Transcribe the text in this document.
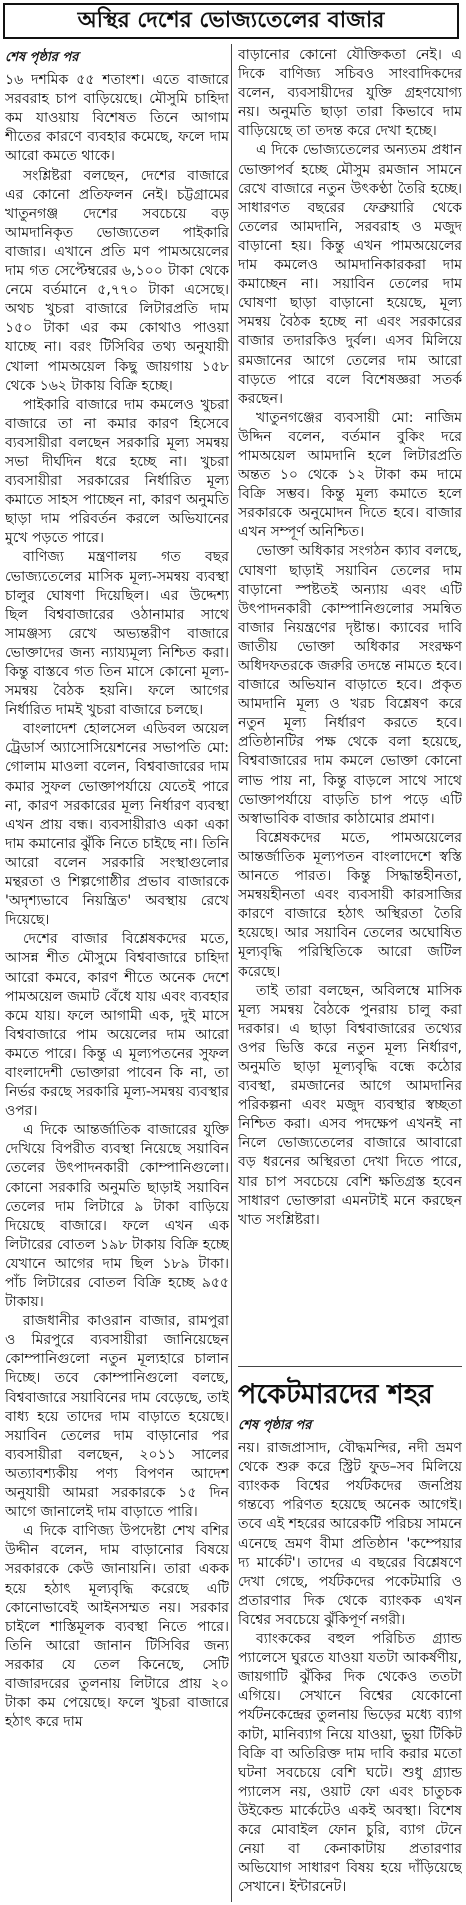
অস্থির দেশের ভোজ্যতেলের বাজার
শেষ পৃষ্ঠার পর

১৬ দশমিক ৫৫ শতাংশ। এতে বাজারে সরবরাহ চাপ বাড়িয়েছে। মৌসুমি চাহিদা কম যাওয়ায় বিশেষত তিনে আগাম শীতের কারণে ব্যবহার কমেছে, ফলে দাম আরো কমতে থাকে।

সংশ্লিষ্টরা বলছেন, দেশের বাজারে এর কোনো প্রতিফলন নেই। চট্টগ্রামের খাতুনগঞ্জ দেশের সবচেয়ে বড় আমদানিকৃত ভোজ্যতেল পাইকারি বাজার। এখানে প্রতি মণ পামঅয়েলের দাম গত সেপ্টেম্বরের ৬,১০০ টাকা থেকে নেমে বর্তমানে ৫,৭৭০ টাকা এসেছে। অথচ খুচরা বাজারে লিটারপ্রতি দাম ১৫০ টাকা এর কম কোথাও পাওয়া যাচ্ছে না। বরং টিসিবির তথ্য অনুযায়ী খোলা পামঅয়েল কিছু জায়গায় ১৫৮ থেকে ১৬২ টাকায় বিক্রি হচ্ছে।

পাইকারি বাজারে দাম কমলেও খুচরা বাজারে তা না কমার কারণ হিসেবে ব্যবসায়ীরা বলছেন সরকারি মূল্য সমন্বয় সভা দীর্ঘদিন ধরে হচ্ছে না। খুচরা ব্যবসায়ীরা সরকারের নির্ধারিত মূল্য কমাতে সাহস পাচ্ছেন না, কারণ অনুমতি ছাড়া দাম পরিবর্তন করলে অভিযানের মুখে পড়তে পারে।

বাণিজ্য মন্ত্রণালয় গত বছর ভোজ্যতেলের মাসিক মূল্য-সমন্বয় ব্যবস্থা চালুর ঘোষণা দিয়েছিল। এর উদ্দেশ্য ছিল বিশ্ববাজারের ওঠানামার সাথে সামঞ্জস্য রেখে অভ্যন্তরীণ বাজারে ভোক্তাদের জন্য ন্যায্যমূল্য নিশ্চিত করা। কিন্তু বাস্তবে গত তিন মাসে কোনো মূল্য-সমন্বয় বৈঠক হয়নি। ফলে আগের নির্ধারিত দামই খুচরা বাজারে চলছে।

বাংলাদেশ হোলসেল এডিবল অয়েল ট্রেডার্স অ্যাসোসিয়েশনের সভাপতি মো: গোলাম মাওলা বলেন, বিশ্ববাজারের দাম কমার সুফল ভোক্তাপর্যায়ে যেতেই পারে না, কারণ সরকারের মূল্য নির্ধারণ ব্যবস্থা এখন প্রায় বন্ধ। ব্যবসায়ীরাও একা একা দাম কমানোর ঝুঁকি নিতে চাইছে না। তিনি আরো বলেন সরকারি সংস্থাগুলোর মন্থরতা ও শিল্পগোষ্ঠীর প্রভাব বাজারকে 'অদৃশ্যভাবে নিয়ন্ত্রিত' অবস্থায় রেখে দিয়েছে।

দেশের বাজার বিশ্লেষকদের মতে, আসন্ন শীত মৌসুমে বিশ্ববাজারে চাহিদা আরো কমবে, কারণ শীতে অনেক দেশে পামঅয়েল জমাট বেঁধে যায় এবং ব্যবহার কমে যায়। ফলে আগামী এক, দুই মাসে বিশ্ববাজারে পাম অয়েলের দাম আরো কমতে পারে। কিন্তু এ মূল্যপতনের সুফল বাংলাদেশী ভোক্তারা পাবেন কি না, তা নির্ভর করছে সরকারি মূল্য-সমন্বয় ব্যবস্থার ওপর।

এ দিকে আন্তর্জাতিক বাজারের যুক্তি দেখিয়ে বিপরীত ব্যবস্থা নিয়েছে সয়াবিন তেলের উৎপাদনকারী কোম্পানিগুলো। কোনো সরকারি অনুমতি ছাড়াই সয়াবিন তেলের দাম লিটারে ৯ টাকা বাড়িয়ে দিয়েছে বাজারে। ফলে এখন এক লিটারের বোতল ১৯৮ টাকায় বিক্রি হচ্ছে যেখানে আগের দাম ছিল ১৮৯ টাকা। পাঁচ লিটারের বোতল বিক্রি হচ্ছে ৯৫৫ টাকায়।

রাজধানীর কাওরান বাজার, রামপুরা ও মিরপুরে ব্যবসায়ীরা জানিয়েছেন কোম্পানিগুলো নতুন মূল্যহারে চালান দিচ্ছে। তবে কোম্পানিগুলো বলছে, বিশ্ববাজারে সয়াবিনের দাম বেড়েছে, তাই বাধ্য হয়ে তাদের দাম বাড়াতে হয়েছে। সয়াবিন তেলের দাম বাড়ানোর পর ব্যবসায়ীরা বলছেন, ২০১১ সালের অত্যাবশ্যকীয় পণ্য বিপণন আদেশ অনুযায়ী আমরা সরকারকে ১৫ দিন আগে জানালেই দাম বাড়াতে পারি।

এ দিকে বাণিজ্য উপদেষ্টা শেখ বশির উদ্দীন বলেন, দাম বাড়ানোর বিষয়ে সরকারকে কেউ জানায়নি। তারা একক হয়ে হঠাৎ মূল্যবৃদ্ধি করেছে এটি কোনোভাবেই আইনসম্মত নয়। সরকার চাইলে শাস্তিমূলক ব্যবস্থা নিতে পারে। তিনি আরো জানান টিসিবির জন্য সরকার যে তেল কিনেছে, সেটি বাজারদরের তুলনায় লিটারে প্রায় ২০ টাকা কম পেয়েছে। ফলে খুচরা বাজারে হঠাৎ করে দাম

বাড়ানোর কোনো যৌক্তিকতা নেই। এ দিকে বাণিজ্য সচিবও সাংবাদিকদের বলেন, ব্যবসায়ীদের যুক্তি গ্রহণযোগ্য নয়। অনুমতি ছাড়া তারা কিভাবে দাম বাড়িয়েছে তা তদন্ত করে দেখা হচ্ছে।

এ দিকে ভোজ্যতেলের অন্যতম প্রধান ভোক্তাপর্ব হচ্ছে মৌসুম রমজান সামনে রেখে বাজারে নতুন উৎকণ্ঠা তৈরি হচ্ছে। সাধারণত বছরের ফেব্রুয়ারি থেকে তেলের আমদানি, সরবরাহ ও মজুদ বাড়ানো হয়। কিন্তু এখন পামঅয়েলের দাম কমলেও আমদানিকারকরা দাম কমাচ্ছেন না। সয়াবিন তেলের দাম ঘোষণা ছাড়া বাড়ানো হয়েছে, মূল্য সমন্বয় বৈঠক হচ্ছে না এবং সরকারের বাজার তদারকিও দুর্বল। এসব মিলিয়ে রমজানের আগে তেলের দাম আরো বাড়তে পারে বলে বিশেষজ্ঞরা সতর্ক করছেন।

খাতুনগঞ্জের ব্যবসায়ী মো: নাজিম উদ্দিন বলেন, বর্তমান বুকিং দরে পামঅয়েল আমদানি হলে লিটারপ্রতি অন্তত ১০ থেকে ১২ টাকা কম দামে বিক্রি সম্ভব। কিন্তু মূল্য কমাতে হলে সরকারকে অনুমোদন দিতে হবে। বাজার এখন সম্পূর্ণ অনিশ্চিত।

ভোক্তা অধিকার সংগঠন ক্যাব বলছে, ঘোষণা ছাড়াই সয়াবিন তেলের দাম বাড়ানো স্পষ্টতই অন্যায় এবং এটি উৎপাদনকারী কোম্পানিগুলোর সমন্বিত বাজার নিয়ন্ত্রণের দৃষ্টান্ত। ক্যাবের দাবি জাতীয় ভোক্তা অধিকার সংরক্ষণ অধিদফতরকে জরুরি তদন্তে নামতে হবে। বাজারে অভিযান বাড়াতে হবে। প্রকৃত আমদানি মূল্য ও খরচ বিশ্লেষণ করে নতুন মূল্য নির্ধারণ করতে হবে। প্রতিষ্ঠানটির পক্ষ থেকে বলা হয়েছে, বিশ্ববাজারের দাম কমলে ভোক্তা কোনো লাভ পায় না, কিন্তু বাড়লে সাথে সাথে ভোক্তাপর্যায়ে বাড়তি চাপ পড়ে এটি অস্বাভাবিক বাজার কাঠামোর প্রমাণ।

বিশ্লেষকদের মতে, পামঅয়েলের আন্তর্জাতিক মূল্যপতন বাংলাদেশে স্বস্তি আনতে পারত। কিন্তু সিদ্ধান্তহীনতা, সমন্বয়হীনতা এবং ব্যবসায়ী কারসাজির কারণে বাজারে হঠাৎ অস্থিরতা তৈরি হয়েছে। আর সয়াবিন তেলের অঘোষিত মূল্যবৃদ্ধি পরিস্থিতিকে আরো জটিল করেছে।

তাই তারা বলছেন, অবিলম্বে মাসিক মূল্য সমন্বয় বৈঠকে পুনরায় চালু করা দরকার। এ ছাড়া বিশ্ববাজারের তথ্যের ওপর ভিত্তি করে নতুন মূল্য নির্ধারণ, অনুমতি ছাড়া মূল্যবৃদ্ধি বন্ধে কঠোর ব্যবস্থা, রমজানের আগে আমদানির পরিকল্পনা এবং মজুদ ব্যবস্থার স্বচ্ছতা নিশ্চিত করা। এসব পদক্ষেপ এখনই না নিলে ভোজ্যতেলের বাজারে আবারো বড় ধরনের অস্থিরতা দেখা দিতে পারে, যার চাপ সবচেয়ে বেশি ক্ষতিগ্রস্ত হবেন সাধারণ ভোক্তারা এমনটাই মনে করছেন খাত সংশ্লিষ্টরা।

পকেটমারদের শহর
শেষ পৃষ্ঠার পর

নয়। রাজপ্রাসাদ, বৌদ্ধমন্দির, নদী ভ্রমণ থেকে শুরু করে স্ট্রিট ফুড–সব মিলিয়ে ব্যাংকক বিশ্বের পর্যটকদের জনপ্রিয় গন্তব্যে পরিণত হয়েছে অনেক আগেই। তবে এই শহরের আরেকটি পরিচয় সামনে এনেছে ভ্রমণ বীমা প্রতিষ্ঠান 'কম্পেয়ার দ্য মার্কেট'। তাদের এ বছরের বিশ্লেষণে দেখা গেছে, পর্যটকদের পকেটমারি ও প্রতারণার দিক থেকে ব্যাংকক এখন বিশ্বের সবচেয়ে ঝুঁকিপূর্ণ নগরী।

ব্যাংককের বহুল পরিচিত গ্র্যান্ড প্যালেসে ঘুরতে যাওয়া যতটা আকর্ষণীয়, জায়গাটি ঝুঁকির দিক থেকেও ততটা এগিয়ে। সেখানে বিশ্বের যেকোনো পর্যটনকেন্দ্রের তুলনায় ভিড়ের মধ্যে ব্যাগ কাটা, মানিব্যাগ নিয়ে যাওয়া, ভুয়া টিকিট বিক্রি বা অতিরিক্ত দাম দাবি করার মতো ঘটনা সবচেয়ে বেশি ঘটে। শুধু গ্র্যান্ড প্যালেস নয়, ওয়াট ফো এবং চাতুচক উইকেন্ড মার্কেটেও একই অবস্থা। বিশেষ করে মোবাইল ফোন চুরি, ব্যাগ টেনে নেয়া বা কেনাকাটায় প্রতারণার অভিযোগ সাধারণ বিষয় হয়ে দাঁড়িয়েছে সেখানে। ইন্টারনেট।
